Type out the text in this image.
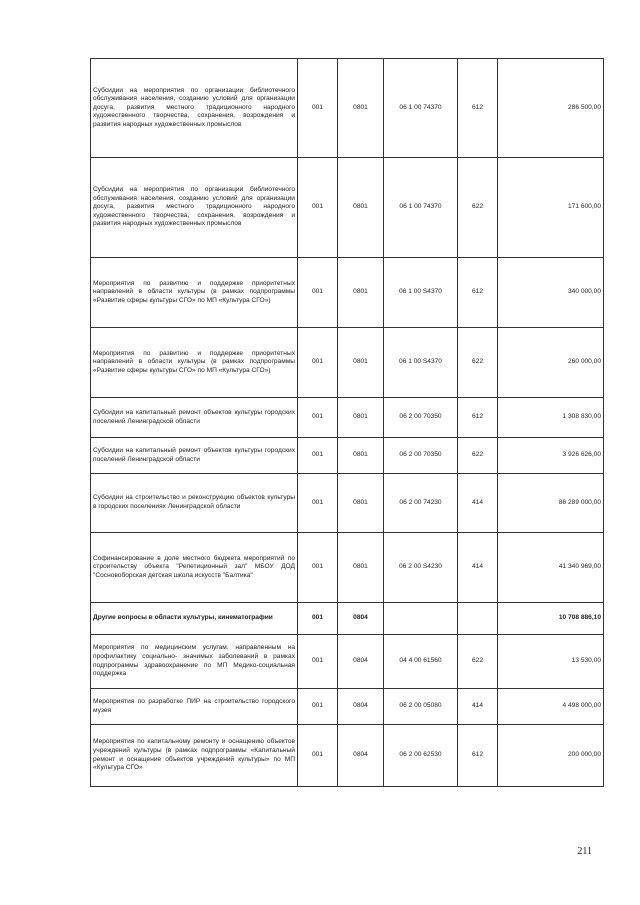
Субсидии на мероприятия по организации библиотечного обслуживания населения, созданию условий для организации досуга, развития местного традиционного народного художественного творчества, сохранения, возрождения и развития народных художественных промыслов	001	0801	06 1 00 74370	612	286 500,00
Субсидии на мероприятия по организации библиотечного обслуживания населения, созданию условий для организации досуга, развития местного традиционного народного художественного творчества, сохранения, возрождения и развития народных художественных промыслов	001	0801	06 1 00 74370	622	171 600,00
Мероприятия по развитию и поддержке приоритетных направлений в области культуры (в рамках подпрограммы «Развитие сферы культуры СГО» по МП «Культура СГО»)	001	0801	06 1 00 S4370	612	340 000,00
Мероприятия по развитию и поддержке приоритетных направлений в области культуры (в рамках подпрограммы «Развитие сферы культуры СГО» по МП «Культура СГО»)	001	0801	06 1 00 S4370	622	260 000,00
Субсидии на капитальный ремонт объектов культуры городских поселений Ленинградской области	001	0801	06 2 00 70350	612	1 308 830,00
Субсидии на капитальный ремонт объектов культуры городских поселений Ленинградской области	001	0801	06 2 00 70350	622	3 926 626,00
Субсидии на строительство и реконструкцию объектов культуры в городских поселениях Ленинградской области	001	0801	06 2 00 74230	414	86 289 000,00
Софинансирование в доле местного бюджета мероприятий по строительству объекта "Репетиционный зал" МБОУ ДОД "Сосновоборская детская школа искусств "Балтика"	001	0801	06 2 00 S4230	414	41 340 969,00
Другие вопросы в области культуры, кинематографии	001	0804			10 708 886,10
Мероприятия по медицинским услугам, направленным на профилактику социально- значимых заболеваний в рамках подпрограммы здравоохранение по МП Медико-социальная поддержка	001	0804	04 4 00 61560	622	13 530,00
Мероприятия по разработке ПИР на строительство городского музея	001	0804	06 2 00 05080	414	4 498 000,00
Мероприятия по капитальному ремонту и оснащению объектов учреждений культуры (в рамках подпрограммы «Капитальный ремонт и оснащение объектов учреждений культуры» по МП «Культура СГО»	001	0804	06 2 00 62530	612	200 000,00
211
